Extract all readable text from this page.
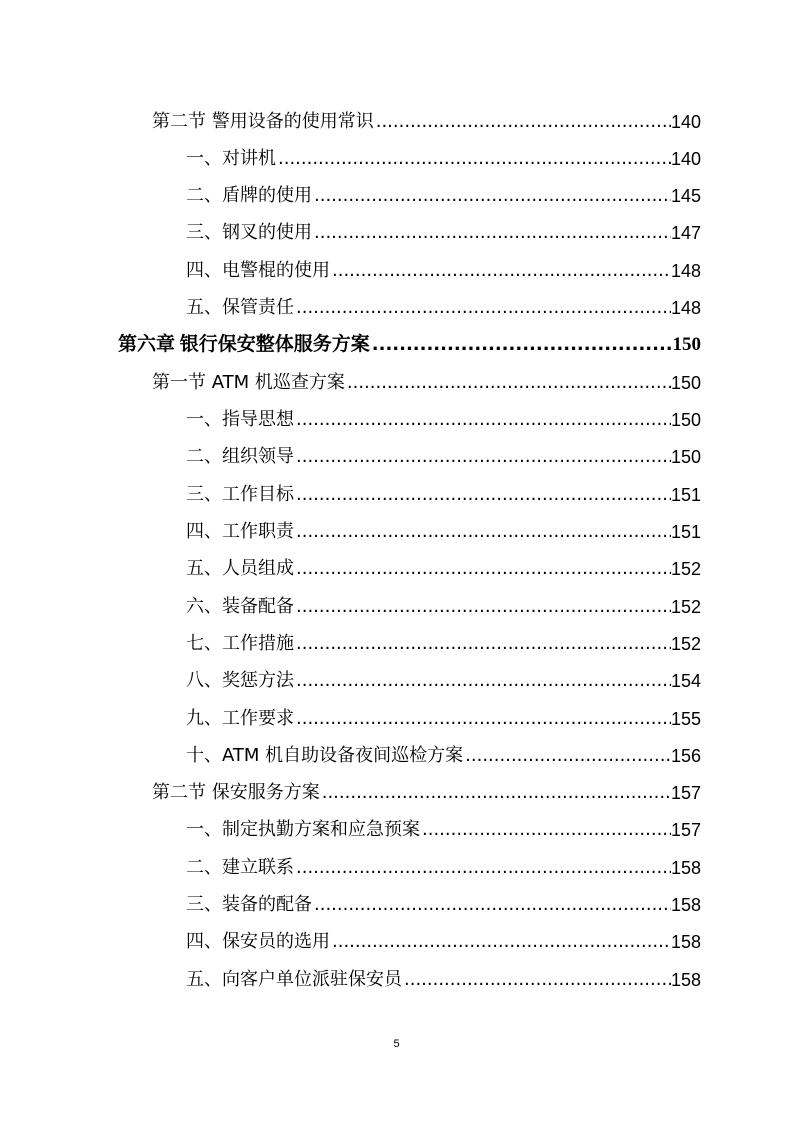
第二节 警用设备的使用常识 .....	140
一、对讲机 .....	140
二、盾牌的使用 .....	145
三、钢叉的使用 .....	147
四、电警棍的使用 .....	148
五、保管责任 .....	148
第六章 银行保安整体服务方案 .....	150
第一节 ATM 机巡查方案 .....	150
一、指导思想 .....	150
二、组织领导 .....	150
三、工作目标 .....	151
四、工作职责 .....	151
五、人员组成 .....	152
六、装备配备 .....	152
七、工作措施 .....	152
八、奖惩方法 .....	154
九、工作要求 .....	155
十、ATM 机自助设备夜间巡检方案 .....	156
第二节 保安服务方案 .....	157
一、制定执勤方案和应急预案 .....	157
二、建立联系 .....	158
三、装备的配备 .....	158
四、保安员的选用 .....	158
五、向客户单位派驻保安员 .....	158
5
